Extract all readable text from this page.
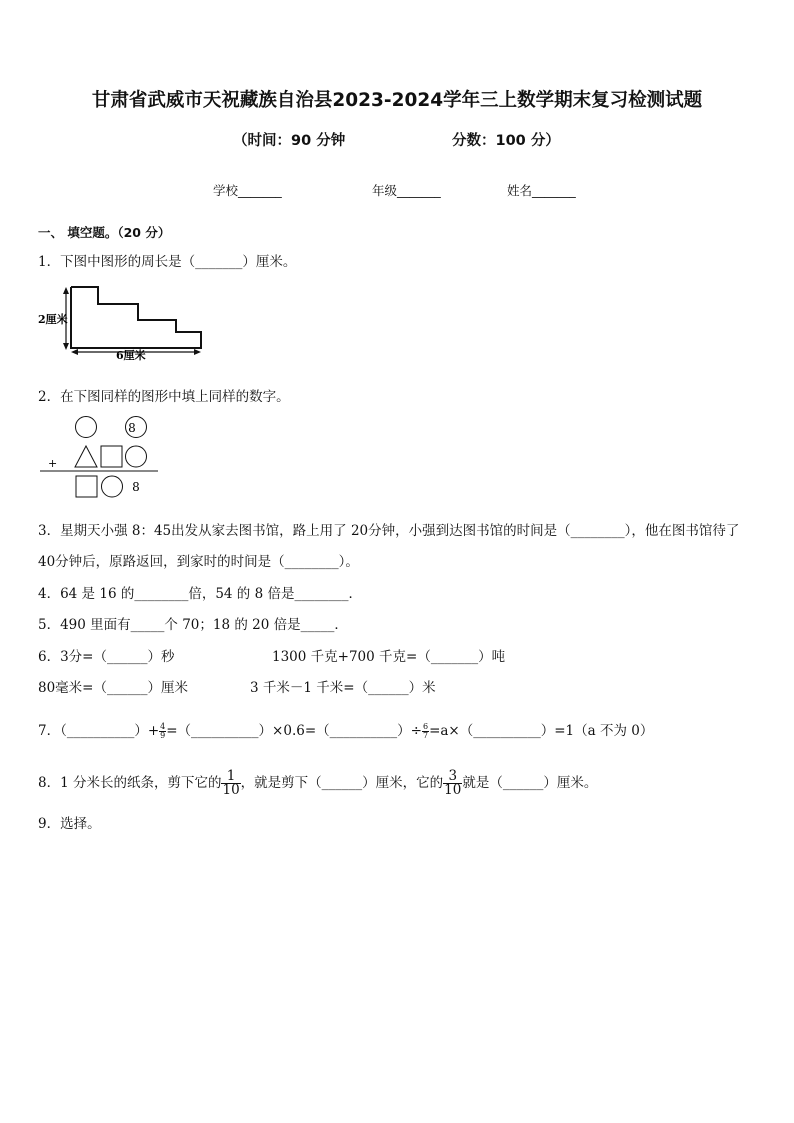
甘肃省武威市天祝藏族自治县2023-2024学年三上数学期末复习检测试题
（时间：90 分钟	分数：100 分）
学校_______	年级_______	姓名_______
一、 填空题。（20 分）
1．下图中图形的周长是（_______）厘米。
2厘米
6厘米
2．在下图同样的图形中填上同样的数字。
8
+
8
3．星期天小强 8：45出发从家去图书馆，路上用了 20分钟，小强到达图书馆的时间是（________），他在图书馆待了
40分钟后，原路返回，到家时的时间是（________）。
4．64 是 16 的________倍，54 的 8 倍是________．
5．490 里面有_____个 70；18 的 20 倍是_____．
6．3分=（______）秒	1300 千克+700 千克=（_______）吨
80毫米=（______）厘米	3 千米－1 千米=（______）米
7．（__________）+ $\frac{4}{9}$ =（__________）×0.6=（__________）÷ $\frac{6}{7}$ =a×（__________）=1（a 不为 0）
8．1 分米长的纸条，剪下它的 $\frac{1}{10}$ ，就是剪下（______）厘米，它的 $\frac{3}{10}$ 就是（______）厘米。
9．选择。
